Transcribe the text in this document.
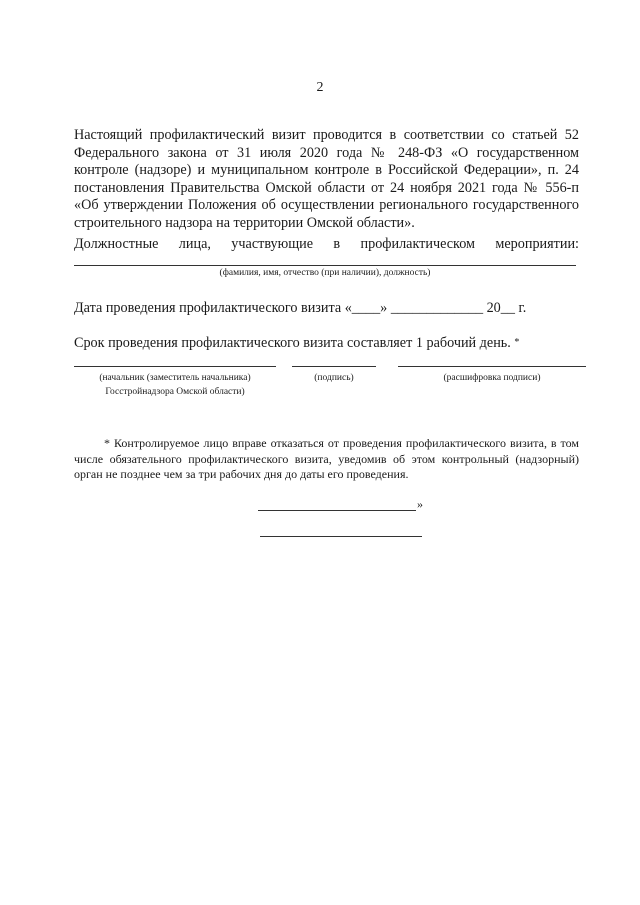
2
Настоящий профилактический визит проводится в соответствии со статьей 52 Федерального закона от 31 июля 2020 года № 248-ФЗ «О государственном контроле (надзоре) и муниципальном контроле в Российской Федерации», п. 24 постановления Правительства Омской области от 24 ноября 2021 года № 556-п «Об утверждении Положения об осуществлении регионального государственного строительного надзора на территории Омской области».
Должностные лица, участвующие в профилактическом мероприятии:
(фамилия, имя, отчество (при наличии), должность)
Дата проведения профилактического визита «____» _____________ 20__ г.
Срок проведения профилактического визита составляет 1 рабочий день. *
(начальник (заместитель начальника)
Госстройнадзора Омской области)
(подпись)	(расшифровка подписи)
* Контролируемое лицо вправе отказаться от проведения профилактического визита, в том числе обязательного профилактического визита, уведомив об этом контрольный (надзорный) орган не позднее чем за три рабочих дня до даты его проведения.
»
